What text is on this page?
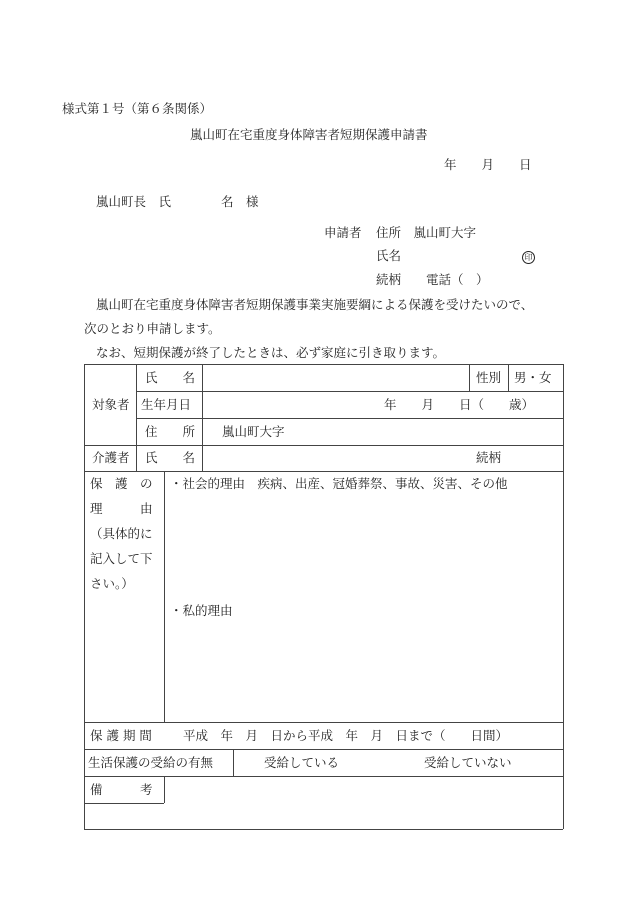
様式第１号（第６条関係）
嵐山町在宅重度身体障害者短期保護申請書
年　　月　　日
嵐山町長　氏　　　　名　様
申請者 住所　嵐山町大字
氏名	印
続柄　　電話（　）
嵐山町在宅重度身体障害者短期保護事業実施要綱による保護を受けたいので、
次のとおり申請します。
なお、短期保護が終了したときは、必ず家庭に引き取ります。
対象者
氏　　名	性別 男・女
生年月日	年　　月　　日（　　歳）
住　　所 嵐山町大字
介護者 氏　　名	続柄
保　護　の
理　　　由
（具体的に
記入して下
さい。）
・社会的理由　疾病、出産、冠婚葬祭、事故、災害、その他
・私的理由
保 護 期 間 平成　年　月　日から平成　年　月　日まで（　　日間）
生活保護の受給の有無	受給している	受給していない
備　　　考
